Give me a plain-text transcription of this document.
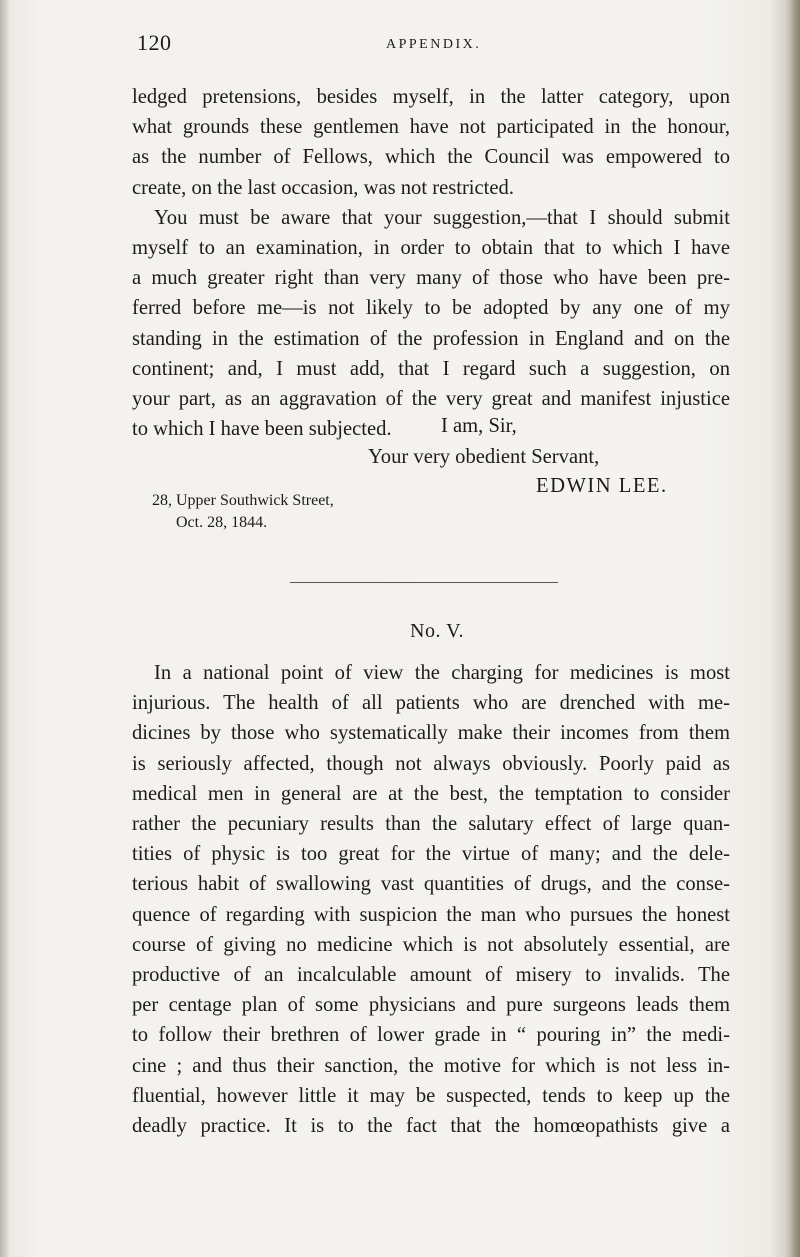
120	APPENDIX.
ledged pretensions, besides myself, in the latter category, upon
what grounds these gentlemen have not participated in the honour,
as the number of Fellows, which the Council was empowered to
create, on the last occasion, was not restricted.
You must be aware that your suggestion,—that I should submit
myself to an examination, in order to obtain that to which I have
a much greater right than very many of those who have been pre-
ferred before me—is not likely to be adopted by any one of my
standing in the estimation of the profession in England and on the
continent; and, I must add, that I regard such a suggestion, on
your part, as an aggravation of the very great and manifest injustice
to which I have been subjected.	I am, Sir,
Your very obedient Servant,
EDWIN LEE.
28, Upper Southwick Street,
Oct. 28, 1844.
No. V.
In a national point of view the charging for medicines is most
injurious. The health of all patients who are drenched with me-
dicines by those who systematically make their incomes from them
is seriously affected, though not always obviously. Poorly paid as
medical men in general are at the best, the temptation to consider
rather the pecuniary results than the salutary effect of large quan-
tities of physic is too great for the virtue of many; and the dele-
terious habit of swallowing vast quantities of drugs, and the conse-
quence of regarding with suspicion the man who pursues the honest
course of giving no medicine which is not absolutely essential, are
productive of an incalculable amount of misery to invalids. The
per centage plan of some physicians and pure surgeons leads them
to follow their brethren of lower grade in “ pouring in” the medi-
cine ; and thus their sanction, the motive for which is not less in-
fluential, however little it may be suspected, tends to keep up the
deadly practice. It is to the fact that the homœopathists give a
